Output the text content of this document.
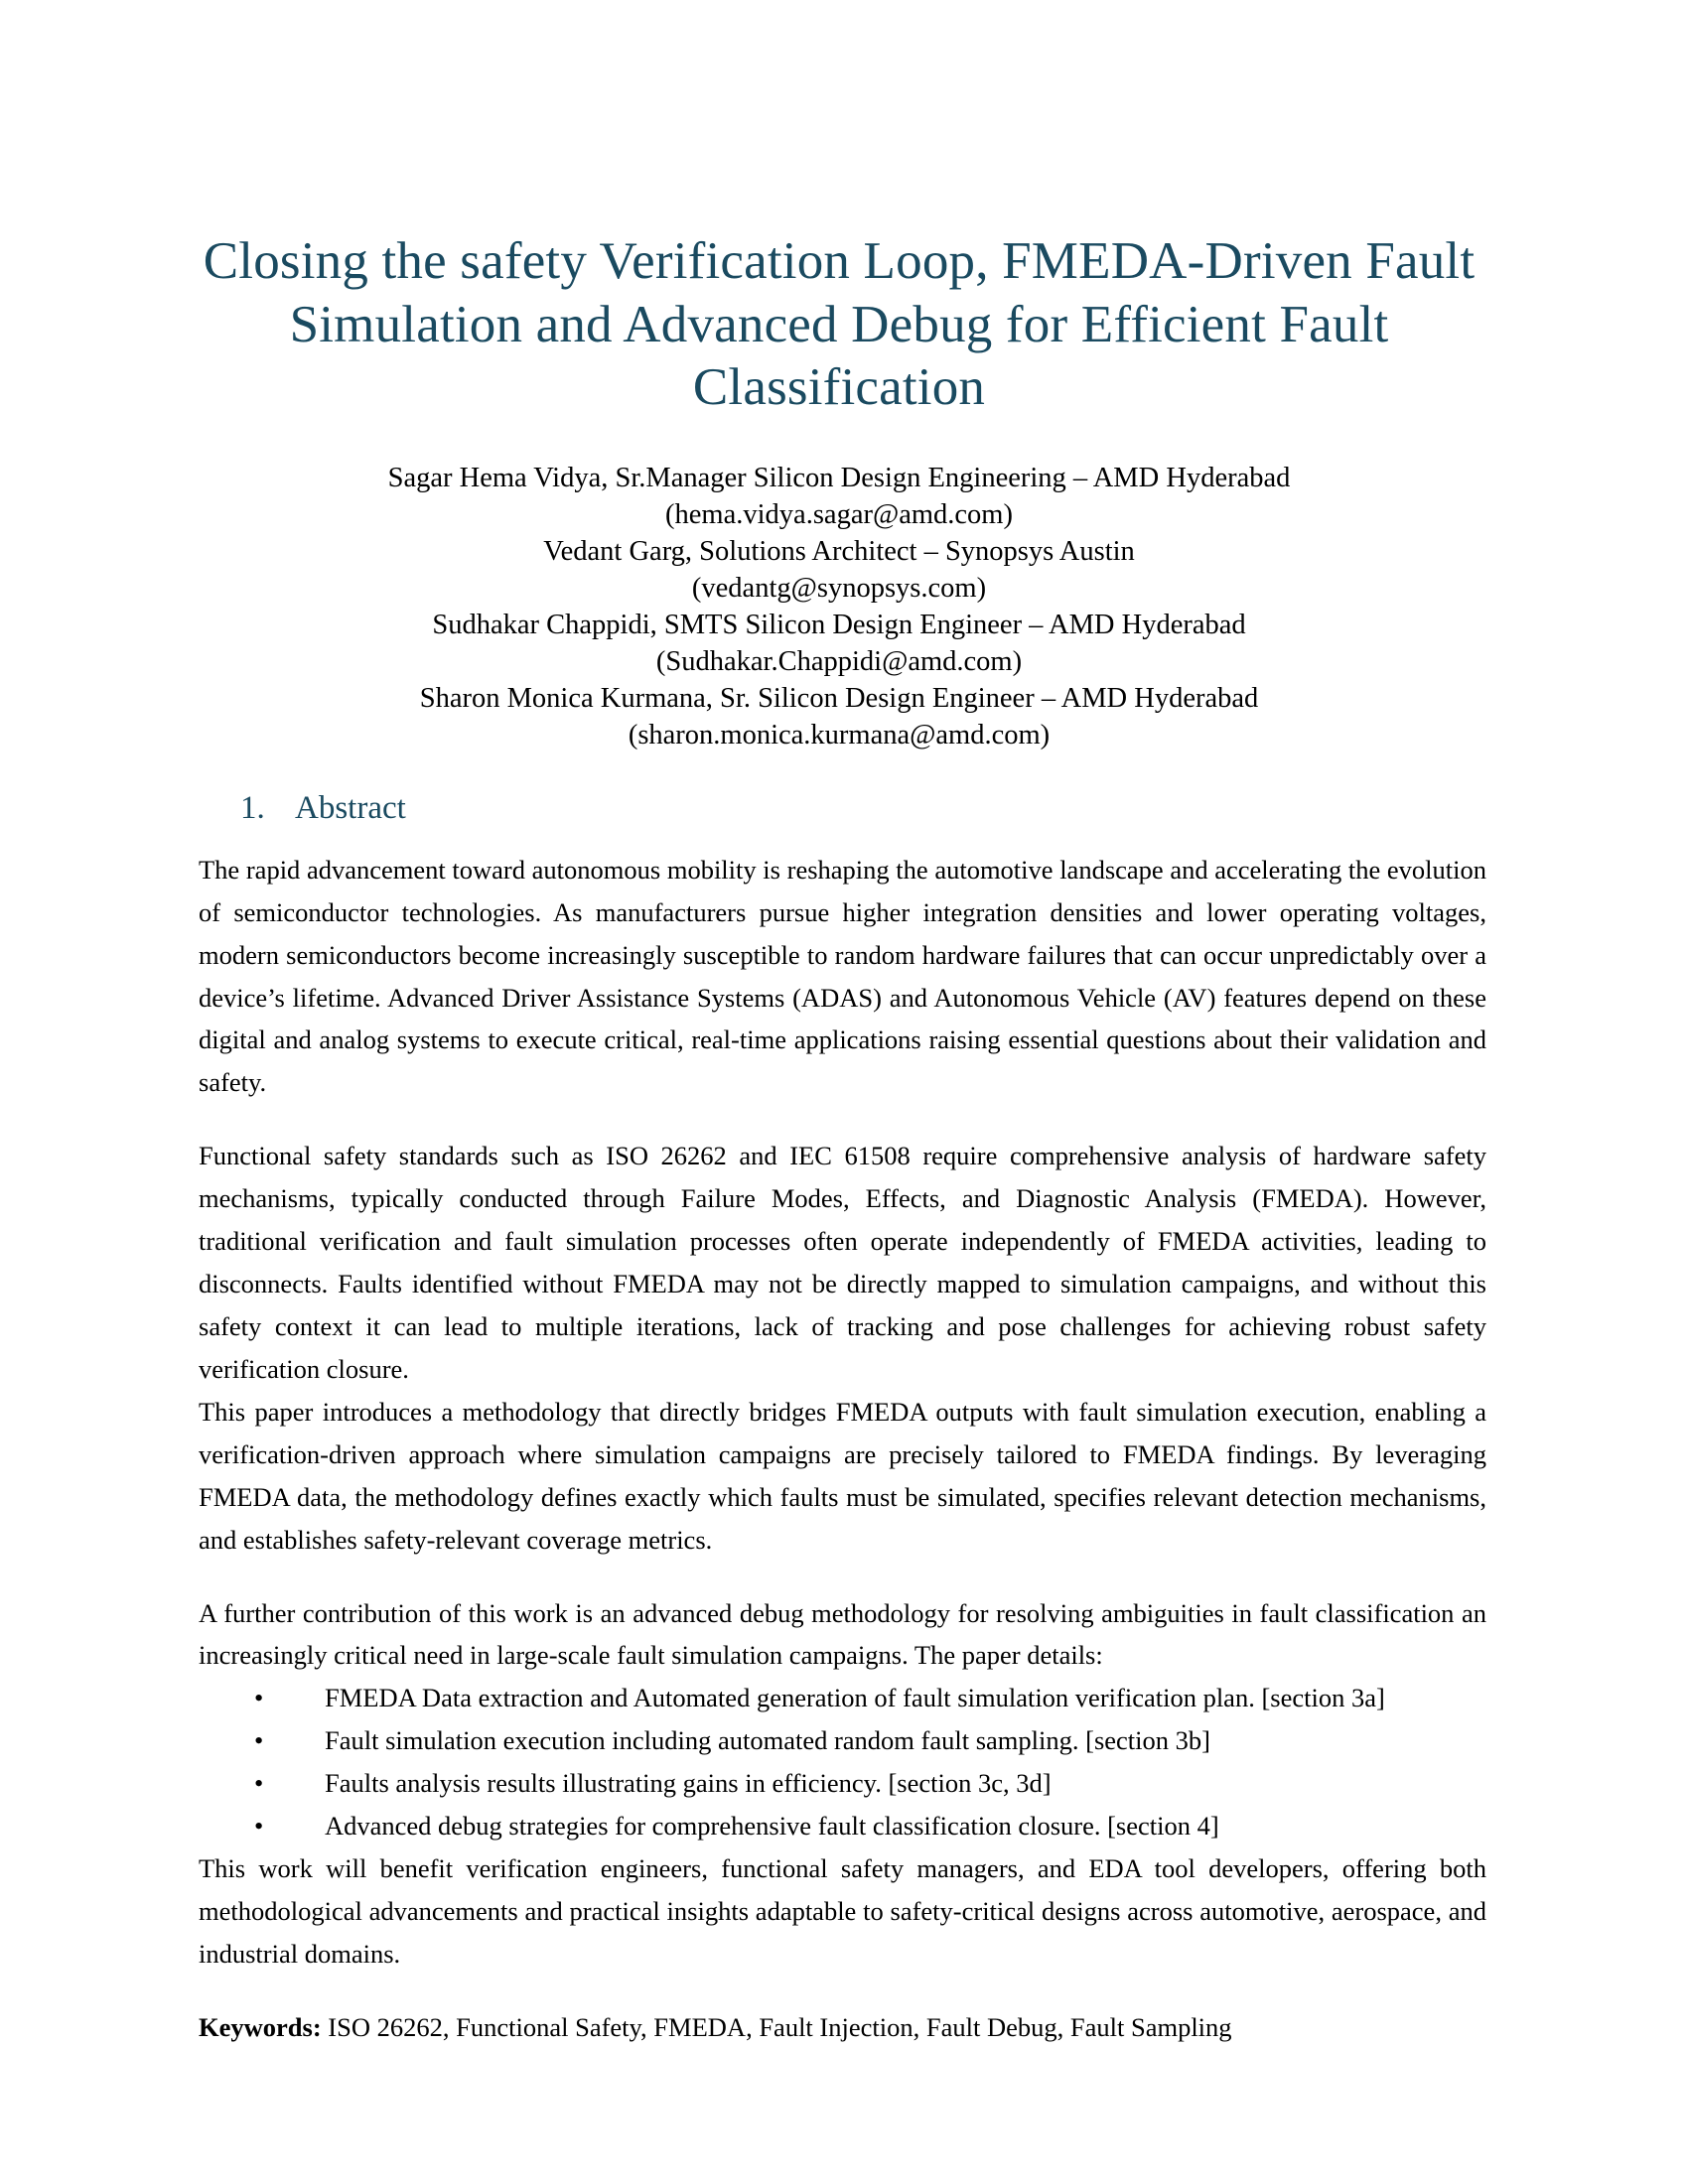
Closing the safety Verification Loop, FMEDA-Driven Fault Simulation and Advanced Debug for Efficient Fault Classification
Sagar Hema Vidya, Sr.Manager Silicon Design Engineering – AMD Hyderabad
(hema.vidya.sagar@amd.com)
Vedant Garg, Solutions Architect – Synopsys Austin
(vedantg@synopsys.com)
Sudhakar Chappidi, SMTS Silicon Design Engineer – AMD Hyderabad
(Sudhakar.Chappidi@amd.com)
Sharon Monica Kurmana, Sr. Silicon Design Engineer – AMD Hyderabad
(sharon.monica.kurmana@amd.com)
1. Abstract

The rapid advancement toward autonomous mobility is reshaping the automotive landscape and accelerating the evolution of semiconductor technologies. As manufacturers pursue higher integration densities and lower operating voltages, modern semiconductors become increasingly susceptible to random hardware failures that can occur unpredictably over a device’s lifetime. Advanced Driver Assistance Systems (ADAS) and Autonomous Vehicle (AV) features depend on these digital and analog systems to execute critical, real-time applications raising essential questions about their validation and safety.

Functional safety standards such as ISO 26262 and IEC 61508 require comprehensive analysis of hardware safety mechanisms, typically conducted through Failure Modes, Effects, and Diagnostic Analysis (FMEDA). However, traditional verification and fault simulation processes often operate independently of FMEDA activities, leading to disconnects. Faults identified without FMEDA may not be directly mapped to simulation campaigns, and without this safety context it can lead to multiple iterations, lack of tracking and pose challenges for achieving robust safety verification closure.

This paper introduces a methodology that directly bridges FMEDA outputs with fault simulation execution, enabling a verification-driven approach where simulation campaigns are precisely tailored to FMEDA findings. By leveraging FMEDA data, the methodology defines exactly which faults must be simulated, specifies relevant detection mechanisms, and establishes safety-relevant coverage metrics.

A further contribution of this work is an advanced debug methodology for resolving ambiguities in fault classification an increasingly critical need in large-scale fault simulation campaigns. The paper details:

• FMEDA Data extraction and Automated generation of fault simulation verification plan. [section 3a]
• Fault simulation execution including automated random fault sampling. [section 3b]
• Faults analysis results illustrating gains in efficiency. [section 3c, 3d]
• Advanced debug strategies for comprehensive fault classification closure. [section 4]

This work will benefit verification engineers, functional safety managers, and EDA tool developers, offering both methodological advancements and practical insights adaptable to safety-critical designs across automotive, aerospace, and industrial domains.

Keywords: ISO 26262, Functional Safety, FMEDA, Fault Injection, Fault Debug, Fault Sampling
